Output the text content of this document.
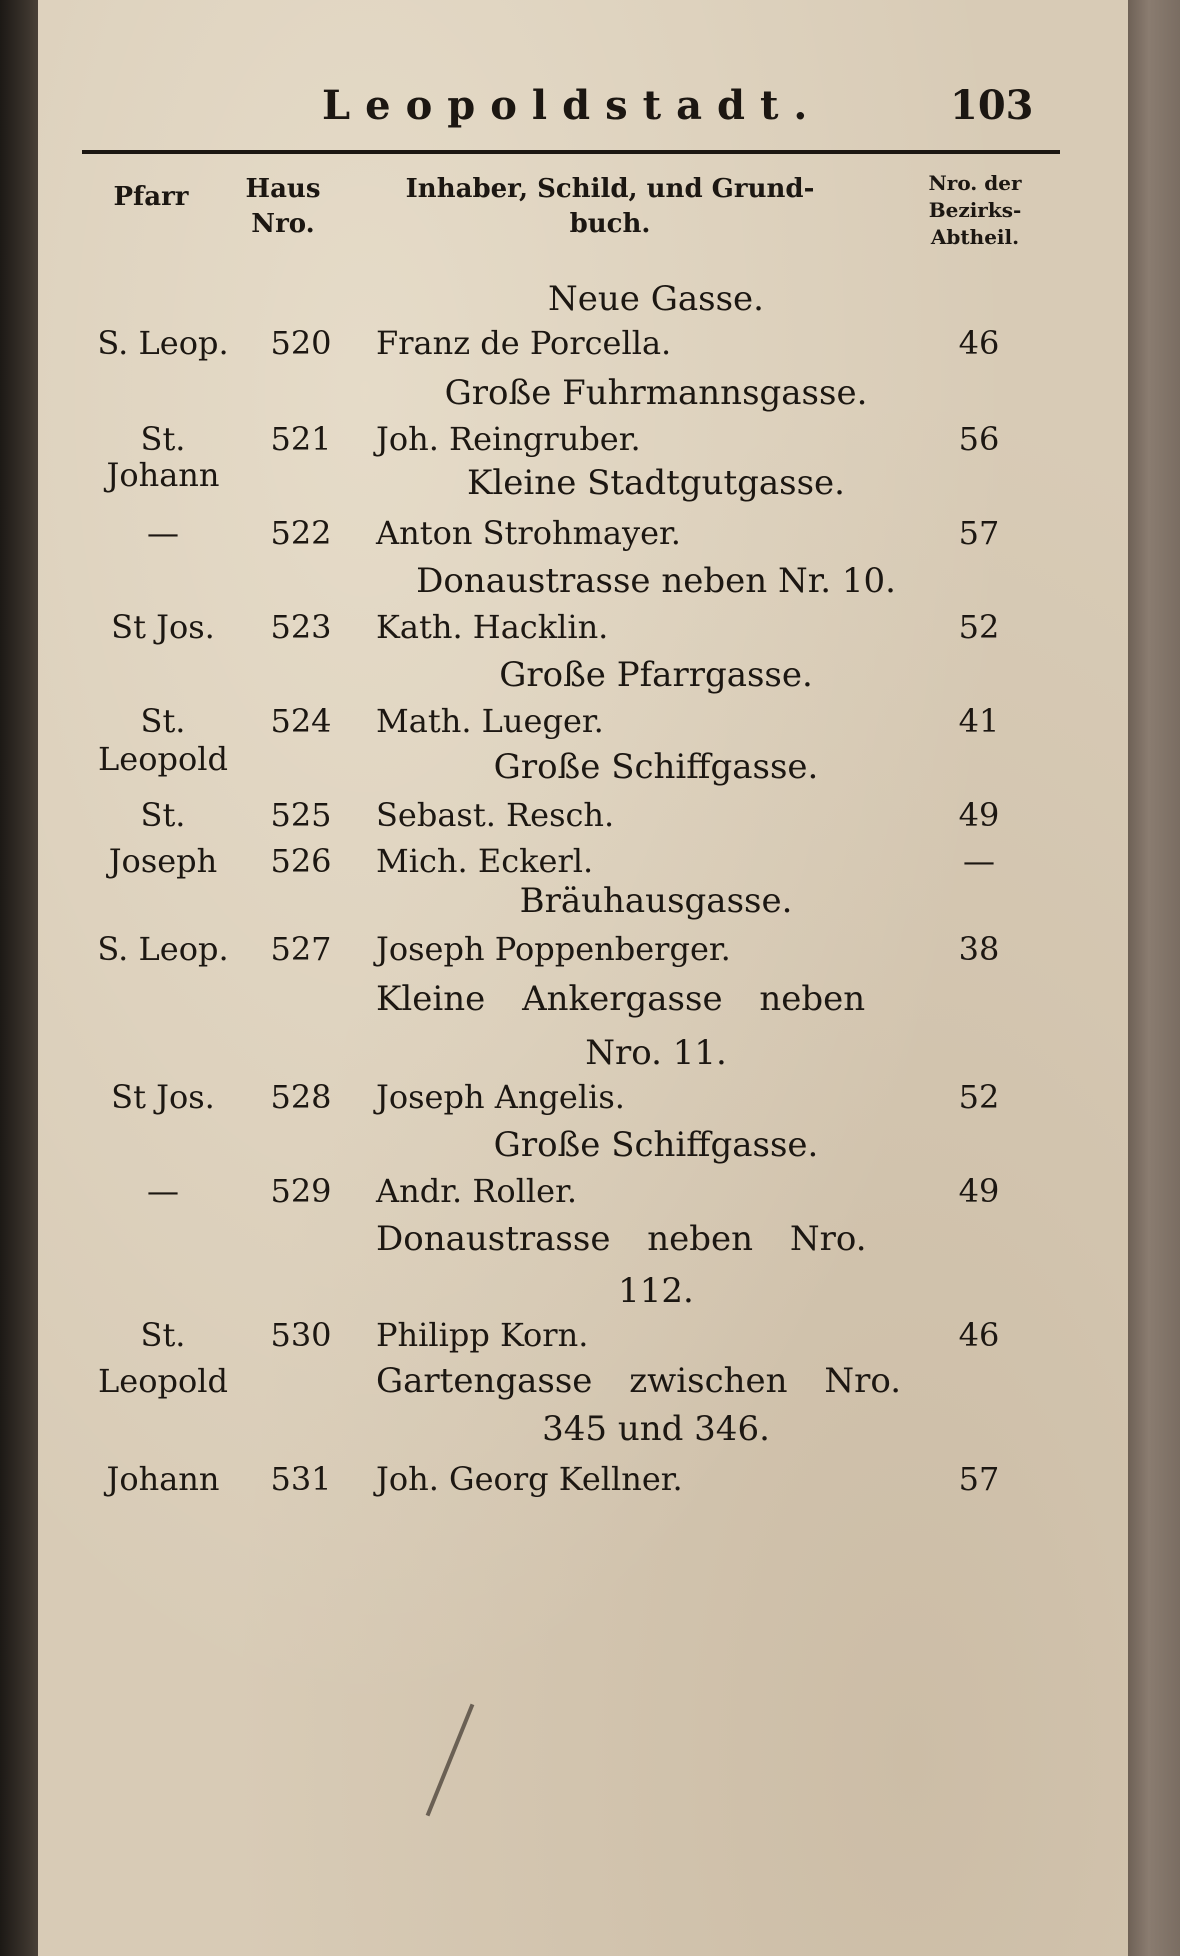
Leopoldstadt.	103
Pfarr	Haus
Nro.
Inhaber, Schild, und Grund-
buch.
Nro. der
Bezirks-
Abtheil.
Neue Gasse.
S. Leop.	520	Franz de Porcella.	46
Große Fuhrmannsgasse.
St.	521	Joh. Reingruber.	56
Johann	Kleine Stadtgutgasse.
—	522	Anton Strohmayer.	57
Donaustrasse neben Nr. 10.
St Jos.	523	Kath. Hacklin.	52
Große Pfarrgasse.
St.	524	Math. Lueger.	41
Leopold	Große Schiffgasse.
St.	525	Sebast. Resch.	49
Joseph	526	Mich. Eckerl.	—
Bräuhausgasse.
S. Leop.	527	Joseph Poppenberger.	38
Kleine Ankergasse neben
Nro. 11.
St Jos.	528	Joseph Angelis.	52
Große Schiffgasse.
—	529	Andr. Roller.	49
Donaustrasse neben Nro.
112.
St.	530	Philipp Korn.	46
Leopold	Gartengasse zwischen Nro.
345 und 346.
Johann	531	Joh. Georg Kellner.	57
